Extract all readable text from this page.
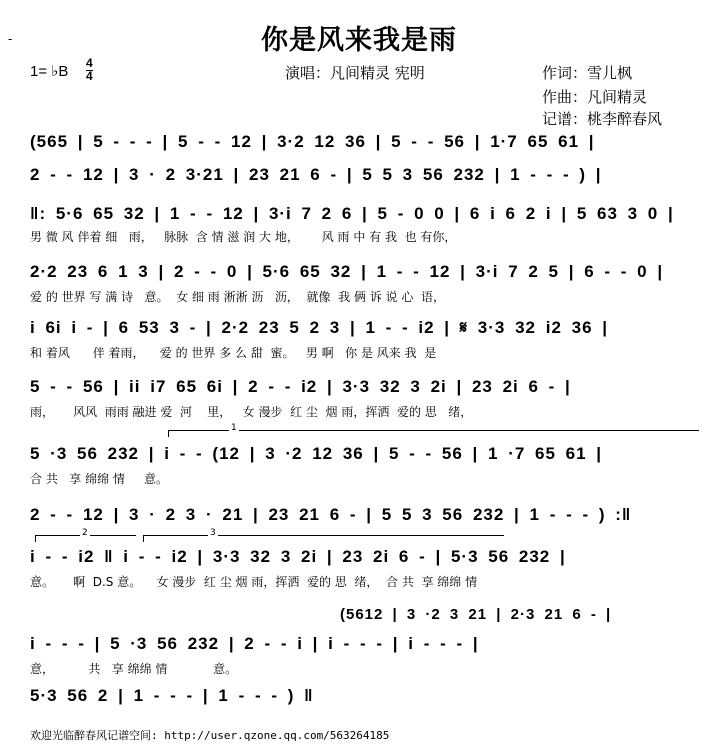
-	你是风来我是雨
1= ♭B 4
4	演唱：凡间精灵 宪明	作词：雪儿枫
作曲：凡间精灵
记谱：桃李醉春风
(565 | 5 - - - | 5 - - 12 | 3·2 12 36 | 5 - - 56 | 1·7 65 61 |
2 - - 12 | 3 · 2 3·21 | 23 21 6 - | 5 5 3 56 232 | 1 - - - ) |
‖: 5·6 65 32 | 1 - - 12 | 3·i 7 2 6 | 5 - 0 0 | 6 i 6 2 i | 5 63 3 0 |
男 微 风 伴着 细   雨，   脉脉  含 情 滋 润 大 地，      风 雨 中 有 我  也 有你，
2·2 23 6 1 3 | 2 - - 0 | 5·6 65 32 | 1 - - 12 | 3·i 7 2 5 | 6 - - 0 |
爱 的 世界 写 满 诗   意。  女 细 雨 淅淅 沥   沥，  就像  我 俩 诉 说 心  语，
i 6i i - | 6 53 3 - | 2·2 23 5 2 3 | 1 - - i2 | 𝄋 3·3 32 i2 36 |
和 着风      伴 着雨，    爱 的 世界 多 么 甜  蜜。   男 啊   你 是 风来 我  是
5 - - 56 | ii i7 65 6i | 2 - - i2 | 3·3 32 3 2i | 23 2i 6 - |
雨，     风风  雨雨 融进 爱  河    里，   女 漫步  红 尘  烟 雨，挥洒  爱的 思   绪，
1
5 ·3 56 232 | i - - (12 | 3 ·2 12 36 | 5 - - 56 | 1 ·7 65 61 |
合 共   享 绵绵 情     意。
2 - - 12 | 3 · 2 3 · 21 | 23 21 6 - | 5 5 3 56 232 | 1 - - - ) :‖
2	3
i - - i2 ‖ i - - i2 | 3·3 32 3 2i | 23 2i 6 - | 5·3 56 232 |
意。     啊  D.S 意。    女 漫步  红 尘 烟 雨，挥洒  爱的 思  绪，  合 共  享 绵绵 情
(5612 | 3 ·2 3 21 | 2·3 21 6 - |
i - - - | 5 ·3 56 232 | 2 - - i | i - - - | i - - - |
意，         共   享 绵绵 情            意。
5·3 56 2 | 1 - - - | 1 - - - ) ‖
欢迎光临醉春风记谱空间: http://user.qzone.qq.com/563264185
